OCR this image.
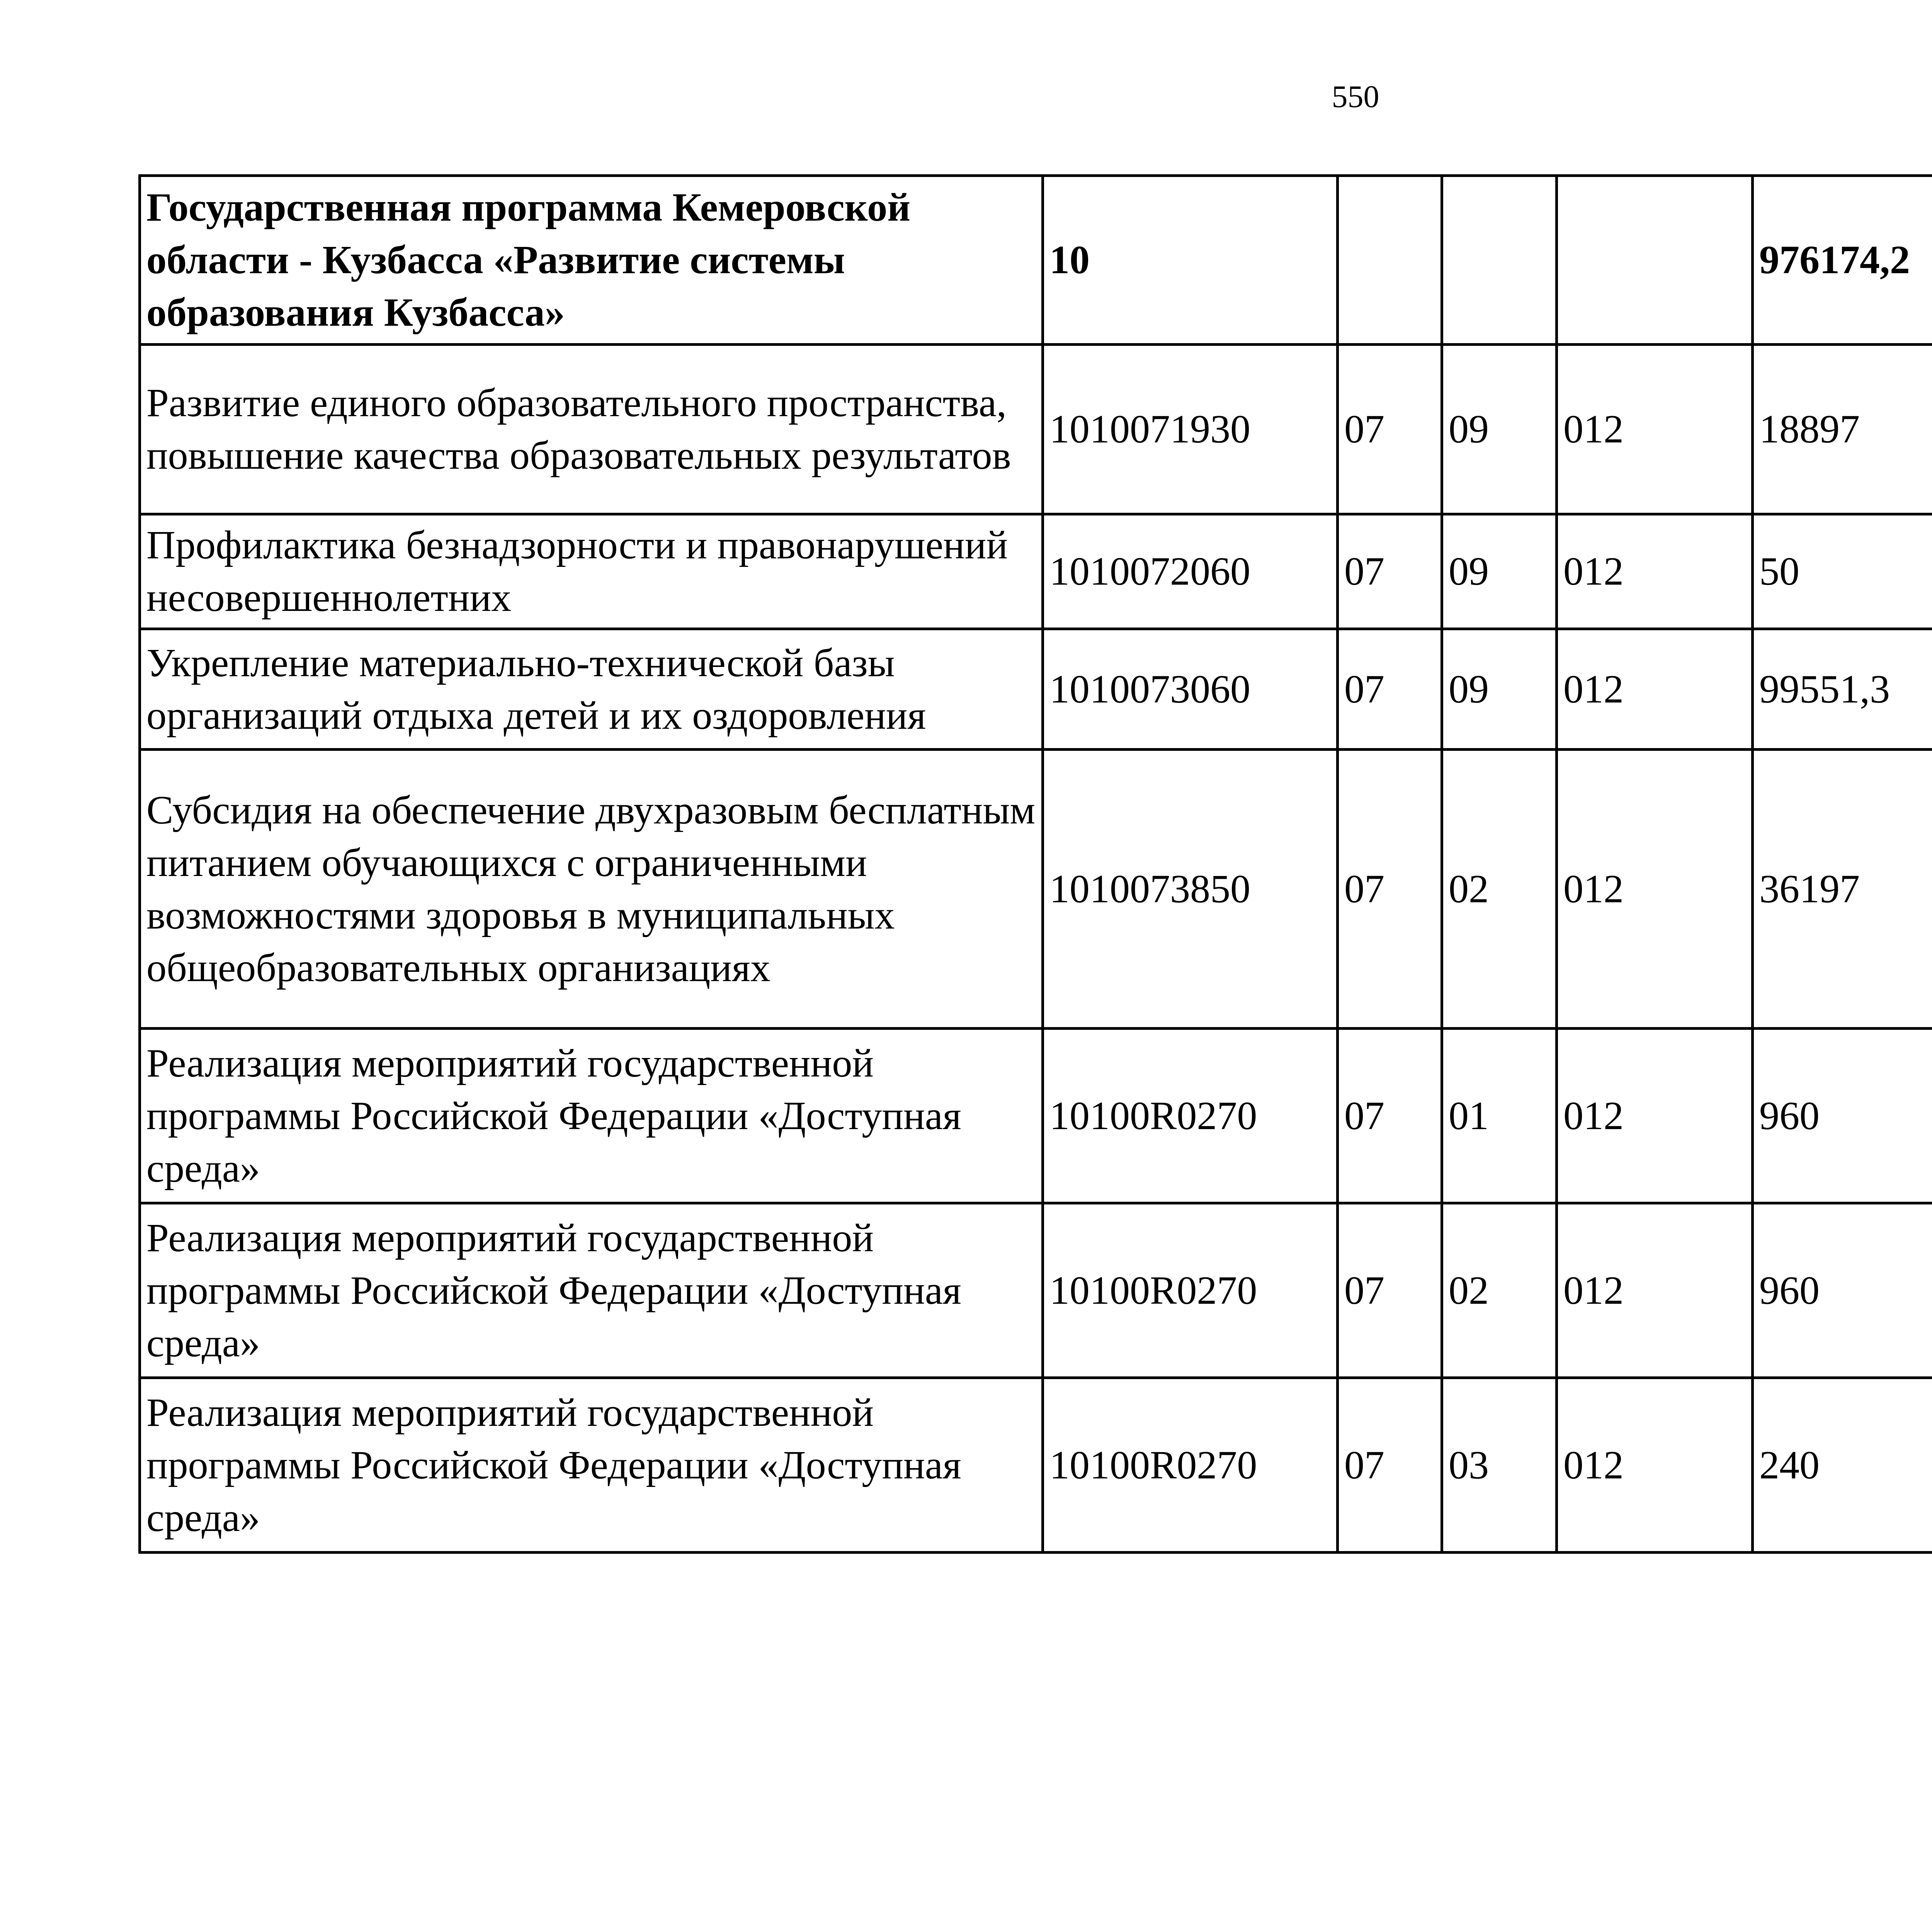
550
Государственная программа Кемеровской области - Кузбасса «Развитие системы образования Кузбасса»	10				976174,2		
Развитие единого образовательного пространства, повышение качества образовательных результатов	1010071930	07	09	012	18897		
Профилактика безнадзорности и правонарушений несовершеннолетних	1010072060	07	09	012	50		
Укрепление материально-технической базы организаций отдыха детей и их оздоровления	1010073060	07	09	012	99551,3		
Субсидия на обеспечение двухразовым бесплатным питанием обучающихся с ограниченными возможностями здоровья в муниципальных общеобразовательных организациях	1010073850	07	02	012	36197		
Реализация мероприятий государственной программы Российской Федерации «Доступная среда»	10100R0270	07	01	012	960		
Реализация мероприятий государственной программы Российской Федерации «Доступная среда»	10100R0270	07	02	012	960		
Реализация мероприятий государственной программы Российской Федерации «Доступная среда»	10100R0270	07	03	012	240		
